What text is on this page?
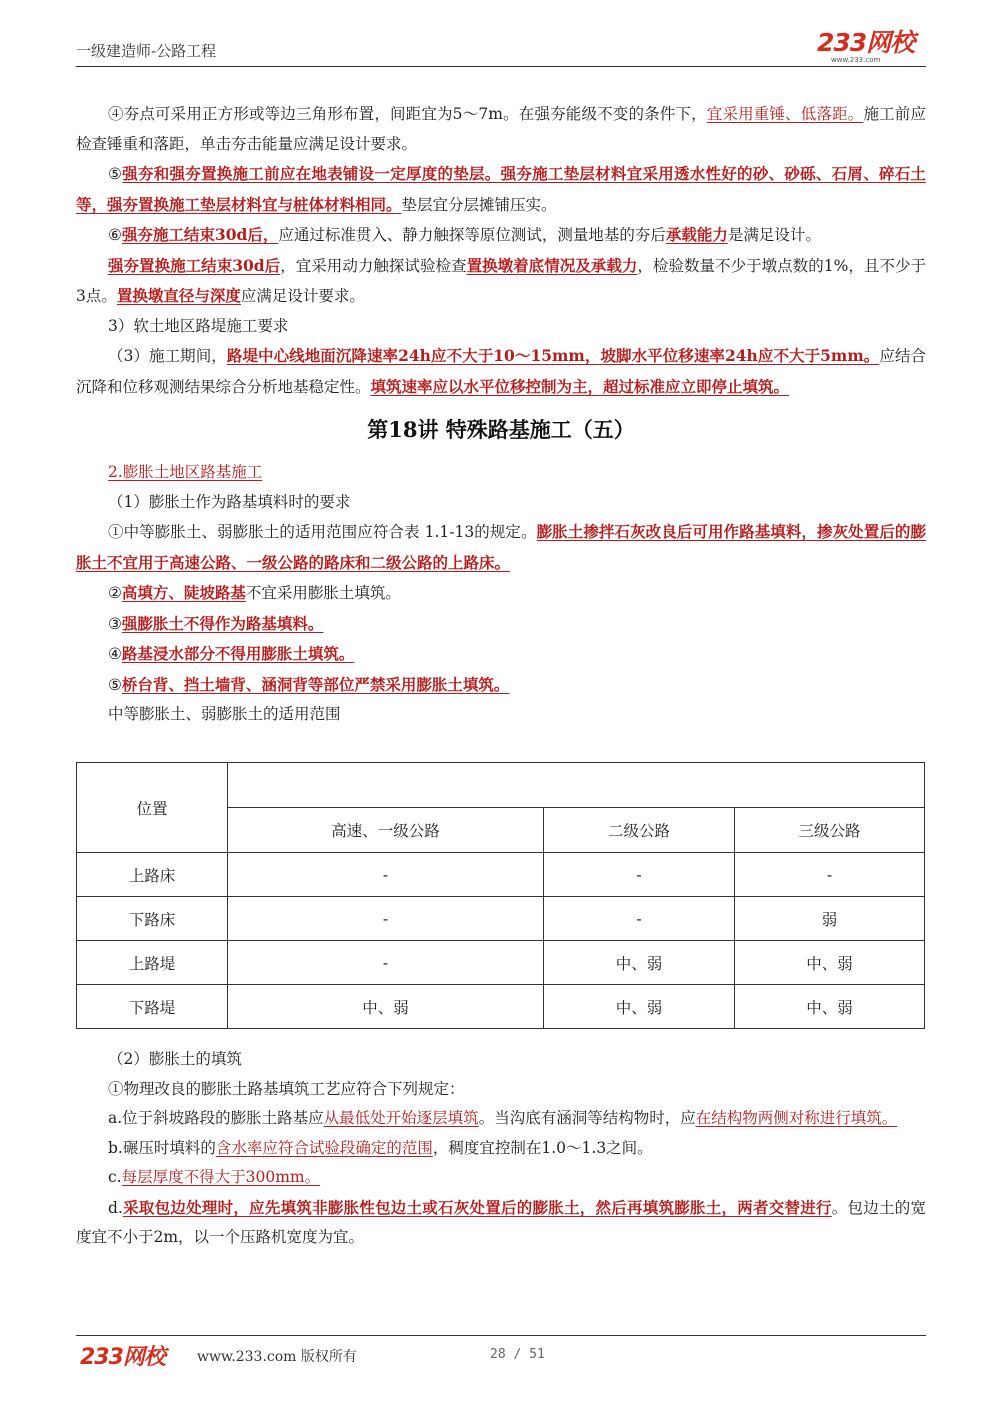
一级建造师-公路工程	233网校
www.233.com

④夯点可采用正方形或等边三角形布置，间距宜为5～7m。在强夯能级不变的条件下，宜采用重锤、低落距。施工前应检查锤重和落距，单击夯击能量应满足设计要求。

⑤强夯和强夯置换施工前应在地表铺设一定厚度的垫层。强夯施工垫层材料宜采用透水性好的砂、砂砾、石屑、碎石土等，强夯置换施工垫层材料宜与桩体材料相同。垫层宜分层摊铺压实。

⑥强夯施工结束30d后，应通过标准贯入、静力触探等原位测试，测量地基的夯后承载能力是满足设计。

强夯置换施工结束30d后，宜采用动力触探试验检查置换墩着底情况及承载力，检验数量不少于墩点数的1%，且不少于3点。置换墩直径与深度应满足设计要求。

3）软土地区路堤施工要求

（3）施工期间，路堤中心线地面沉降速率24h应不大于10～15mm，坡脚水平位移速率24h应不大于5mm。应结合沉降和位移观测结果综合分析地基稳定性。填筑速率应以水平位移控制为主，超过标准应立即停止填筑。

第18讲 特殊路基施工（五）

2.膨胀土地区路基施工

（1）膨胀土作为路基填料时的要求

①中等膨胀土、弱膨胀土的适用范围应符合表 1.1-13的规定。膨胀土掺拌石灰改良后可用作路基填料，掺灰处置后的膨胀土不宜用于高速公路、一级公路的路床和二级公路的上路床。

②高填方、陡坡路基不宜采用膨胀土填筑。

③强膨胀土不得作为路基填料。

④路基浸水部分不得用膨胀土填筑。

⑤桥台背、挡土墙背、涵洞背等部位严禁采用膨胀土填筑。

中等膨胀土、弱膨胀土的适用范围

位置			
	高速、一级公路	二级公路	三级公路
上路床	-	-	-
下路床	-	-	弱
上路堤	-	中、弱	中、弱
下路堤	中、弱	中、弱	中、弱

（2）膨胀土的填筑

①物理改良的膨胀土路基填筑工艺应符合下列规定：

a.位于斜坡路段的膨胀土路基应从最低处开始逐层填筑。当沟底有涵洞等结构物时，应在结构物两侧对称进行填筑。

b.碾压时填料的含水率应符合试验段确定的范围，稠度宜控制在1.0～1.3之间。

c.每层厚度不得大于300mm。

d.采取包边处理时，应先填筑非膨胀性包边土或石灰处置后的膨胀土，然后再填筑膨胀土，两者交替进行。包边土的宽度宜不小于2m，以一个压路机宽度为宜。

233网校 www.233.com 版权所有	28 / 51
